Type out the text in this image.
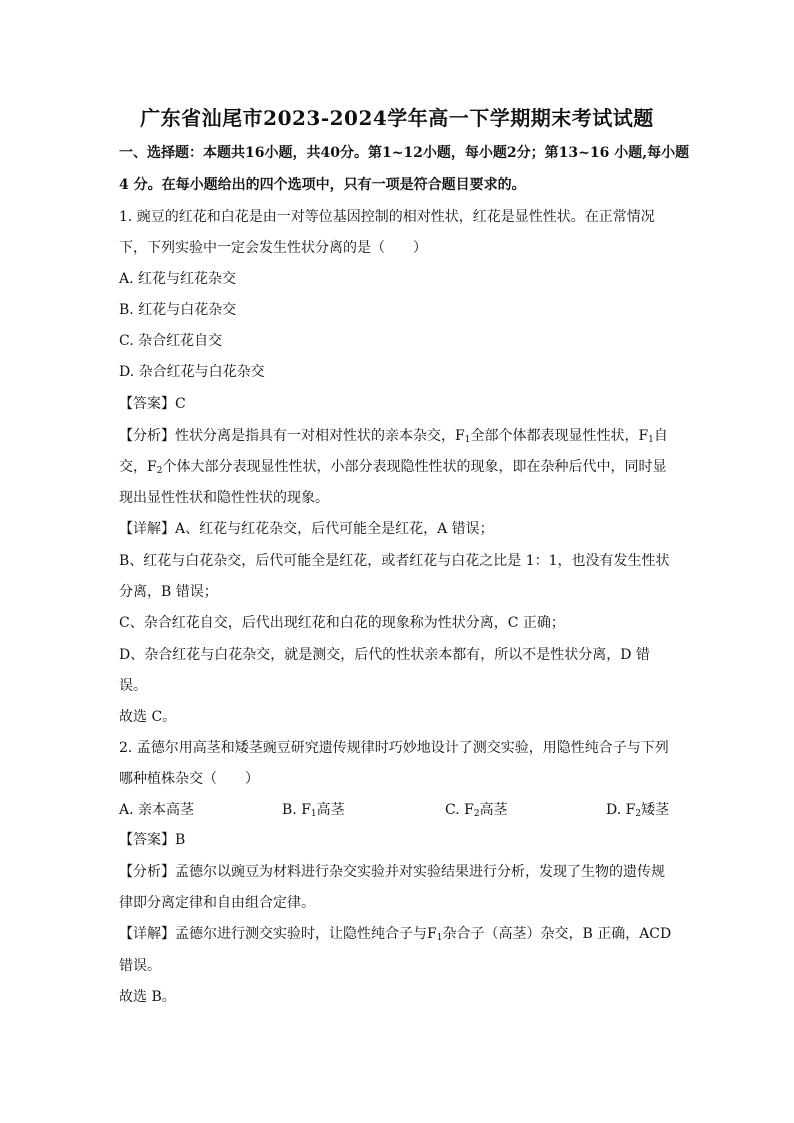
广东省汕尾市2023-2024学年高一下学期期末考试试题
一、选择题：本题共16小题，共40分。第1~12小题，每小题2分；第13~16 小题,每小题
4 分。在每小题给出的四个选项中，只有一项是符合题目要求的。
1. 豌豆的红花和白花是由一对等位基因控制的相对性状，红花是显性性状。在正常情况
下，下列实验中一定会发生性状分离的是（　　）
A. 红花与红花杂交
B. 红花与白花杂交
C. 杂合红花自交
D. 杂合红花与白花杂交
【答案】C
【分析】性状分离是指具有一对相对性状的亲本杂交，$F_1$全部个体都表现显性性状，$F_1$自
交，$F_2$个体大部分表现显性性状，小部分表现隐性性状的现象，即在杂种后代中，同时显
现出显性性状和隐性性状的现象。
【详解】A、红花与红花杂交，后代可能全是红花，A 错误；
B、红花与白花杂交，后代可能全是红花，或者红花与白花之比是 1：1，也没有发生性状
分离，B 错误；
C、杂合红花自交，后代出现红花和白花的现象称为性状分离，C 正确；
D、杂合红花与白花杂交，就是测交，后代的性状亲本都有，所以不是性状分离，D 错
误。
故选 C。
2. 孟德尔用高茎和矮茎豌豆研究遗传规律时巧妙地设计了测交实验，用隐性纯合子与下列
哪种植株杂交（　　）
A. 亲本高茎	B. $F_1$高茎	C. $F_2$高茎	D. $F_2$矮茎
【答案】B
【分析】孟德尔以豌豆为材料进行杂交实验并对实验结果进行分析，发现了生物的遗传规
律即分离定律和自由组合定律。
【详解】孟德尔进行测交实验时，让隐性纯合子与$F_1$杂合子（高茎）杂交，B 正确，ACD
错误。
故选 B。
